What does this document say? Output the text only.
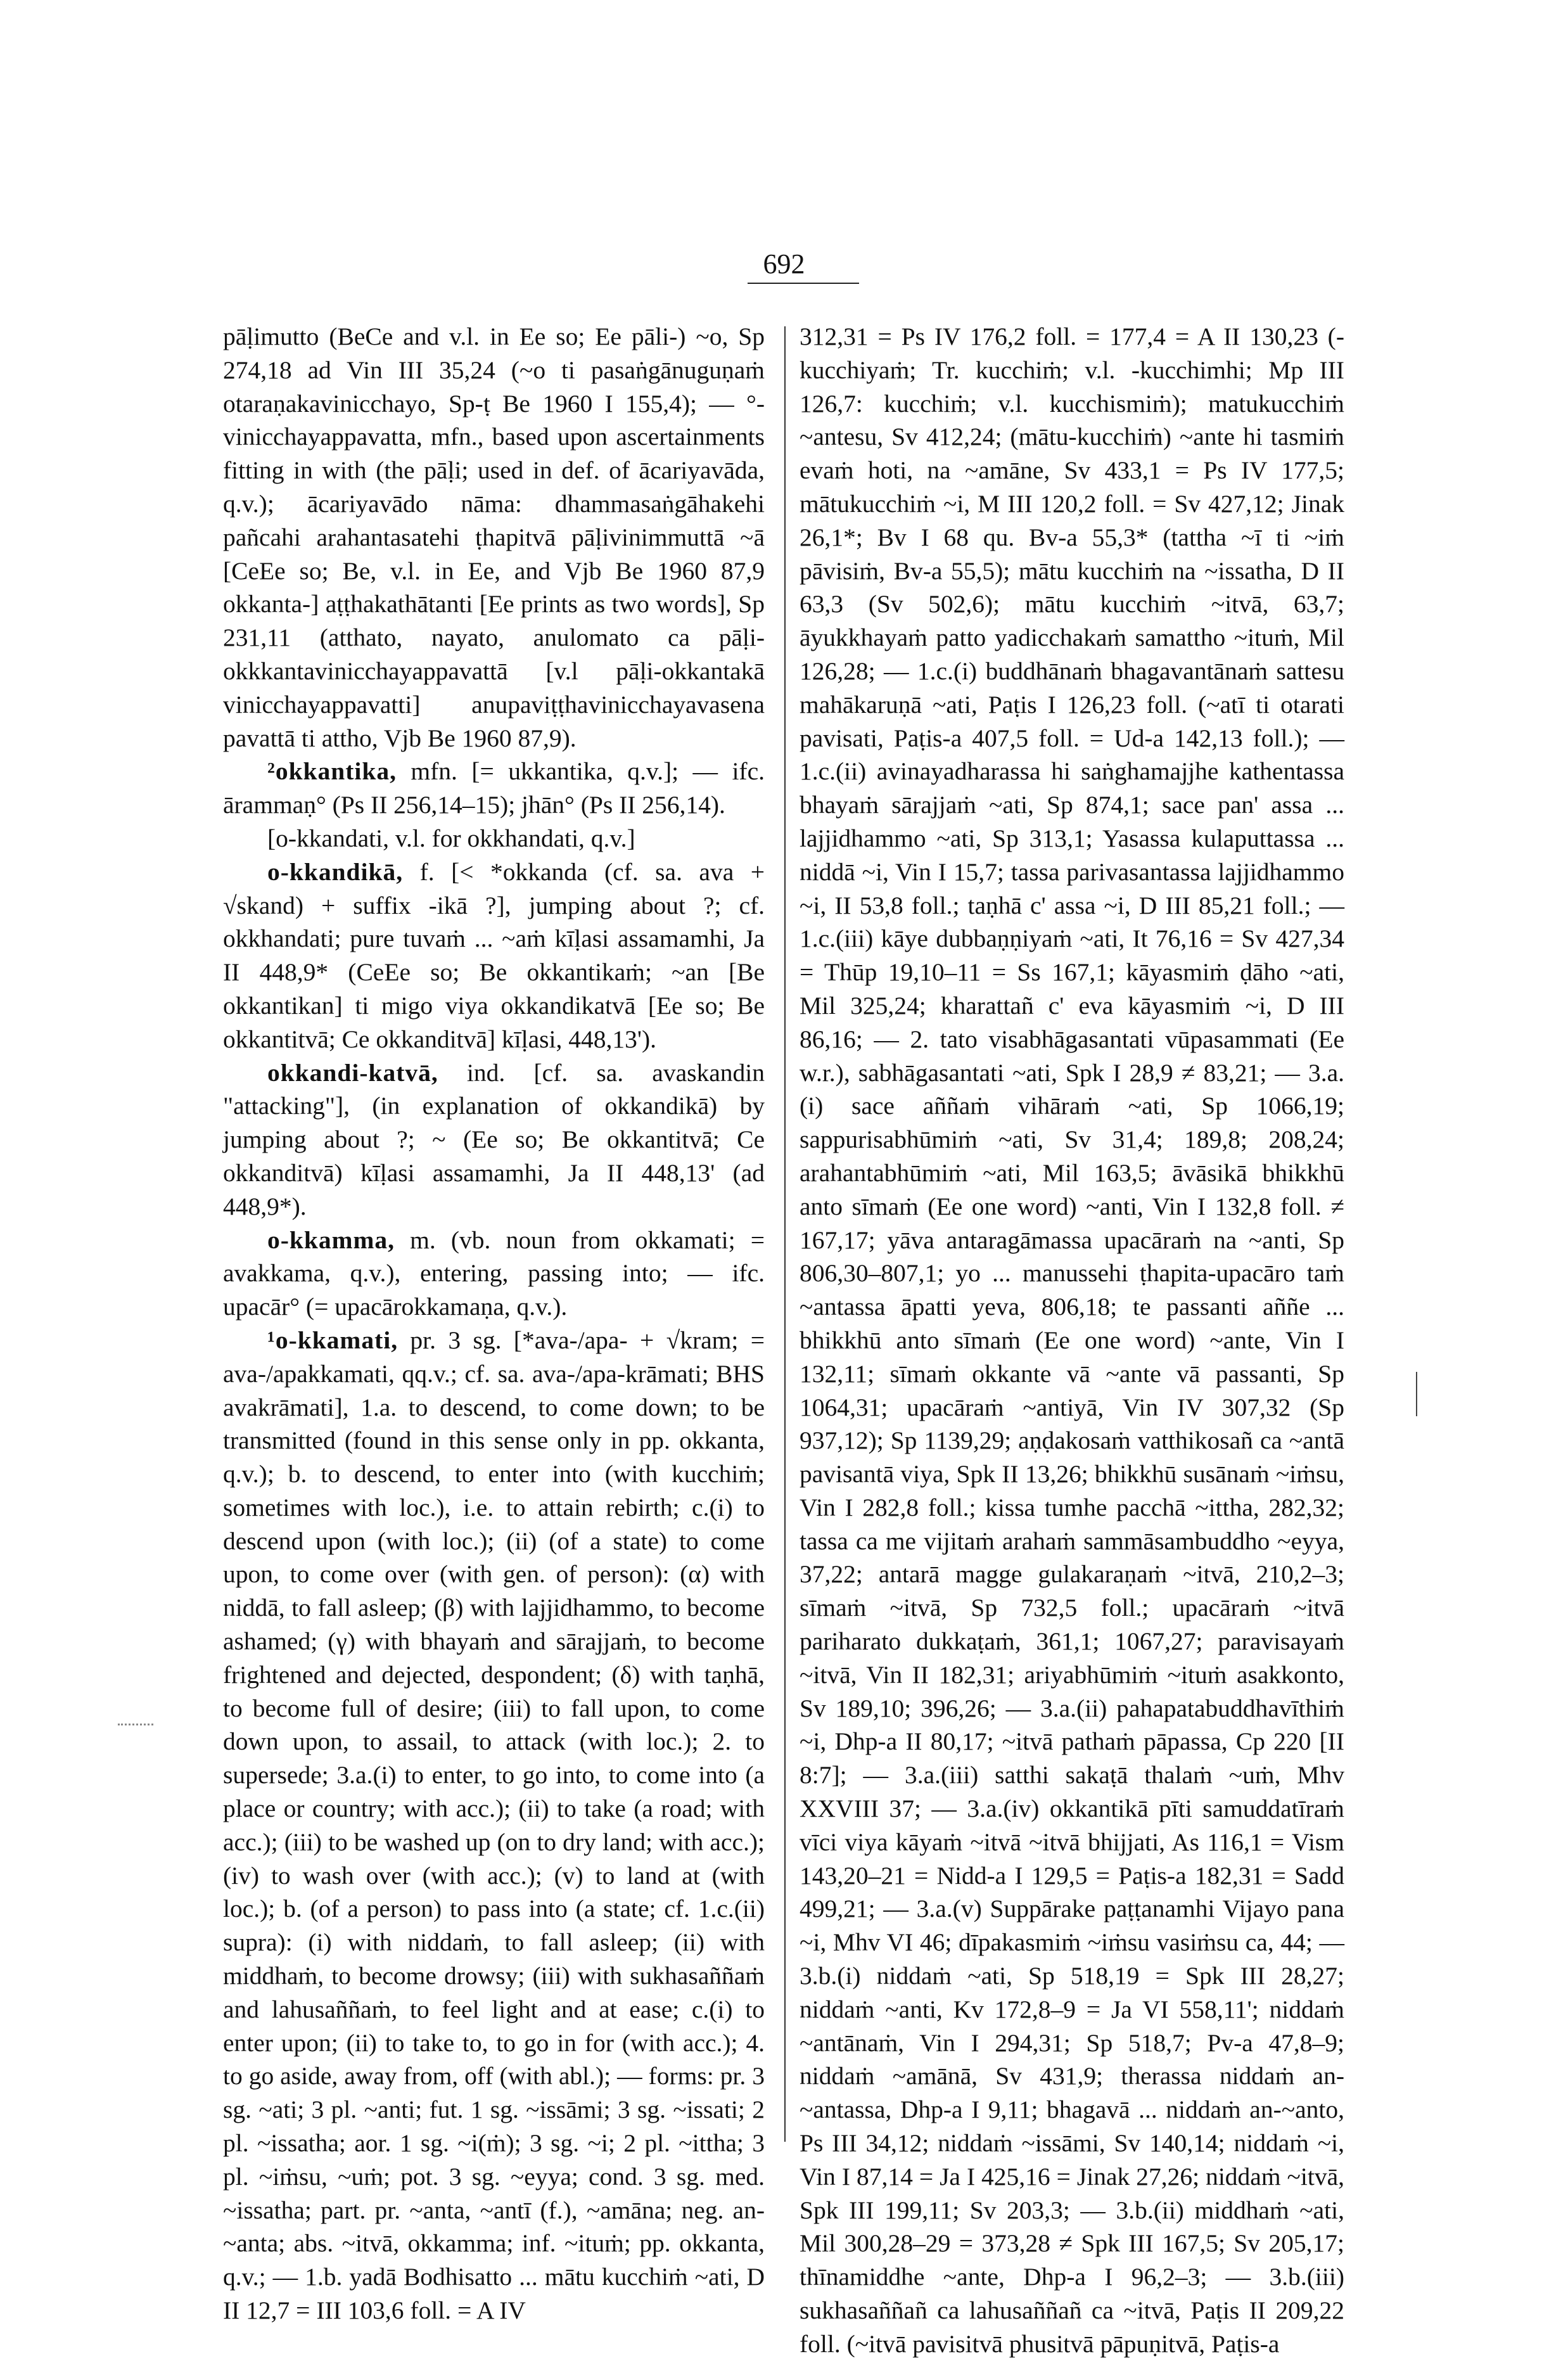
692

pāḷimutto (BeCe and v.l. in Ee so; Ee pāli-) ~o, Sp 274,18 ad Vin III 35,24 (~o ti pasaṅgānuguṇaṁ otaraṇakavinicchayo, Sp-ṭ Be 1960 I 155,4); — °-vinicchayappavatta, mfn., based upon ascertainments fitting in with (the pāḷi; used in def. of ācariyavāda, q.v.); ācariyavādo nāma: dhammasaṅgāhakehi pañcahi arahantasatehi ṭhapitvā pāḷivinimmuttā ~ā [CeEe so; Be, v.l. in Ee, and Vjb Be 1960 87,9 okkanta-] aṭṭhakathātanti [Ee prints as two words], Sp 231,11 (atthato, nayato, anulomato ca pāḷi-okkkantavinicchayappavattā [v.l pāḷi-okkantakā vinicchayappavatti] anupaviṭṭhavinicchayavasena pavattā ti attho, Vjb Be 1960 87,9).

²okkantika, mfn. [= ukkantika, q.v.]; — ifc. ārammaṇ° (Ps II 256,14–15); jhān° (Ps II 256,14).

[o-kkandati, v.l. for okkhandati, q.v.]

o-kkandikā, f. [< *okkanda (cf. sa. ava + √skand) + suffix -ikā ?], jumping about ?; cf. okkhandati; pure tuvaṁ ... ~aṁ kīḷasi assamamhi, Ja II 448,9* (CeEe so; Be okkantikaṁ; ~an [Be okkantikan] ti migo viya okkandikatvā [Ee so; Be okkantitvā; Ce okkanditvā] kīḷasi, 448,13').

okkandi-katvā, ind. [cf. sa. avaskandin "attacking"], (in explanation of okkandikā) by jumping about ?; ~ (Ee so; Be okkantitvā; Ce okkanditvā) kīḷasi assamamhi, Ja II 448,13' (ad 448,9*).

o-kkamma, m. (vb. noun from okkamati; = avakkama, q.v.), entering, passing into; — ifc. upacār° (= upacārokkamaṇa, q.v.).

¹o-kkamati, pr. 3 sg. [*ava-/apa- + √kram; = ava-/apakkamati, qq.v.; cf. sa. ava-/apa-krāmati; BHS avakrāmati], 1.a. to descend, to come down; to be transmitted (found in this sense only in pp. okkanta, q.v.); b. to descend, to enter into (with kucchiṁ; sometimes with loc.), i.e. to attain rebirth; c.(i) to descend upon (with loc.); (ii) (of a state) to come upon, to come over (with gen. of person): (α) with niddā, to fall asleep; (β) with lajjidhammo, to become ashamed; (γ) with bhayaṁ and sārajjaṁ, to become frightened and dejected, despondent; (δ) with taṇhā, to become full of desire; (iii) to fall upon, to come down upon, to assail, to attack (with loc.); 2. to supersede; 3.a.(i) to enter, to go into, to come into (a place or country; with acc.); (ii) to take (a road; with acc.); (iii) to be washed up (on to dry land; with acc.); (iv) to wash over (with acc.); (v) to land at (with loc.); b. (of a person) to pass into (a state; cf. 1.c.(ii) supra): (i) with niddaṁ, to fall asleep; (ii) with middhaṁ, to become drowsy; (iii) with sukhasaññaṁ and lahusaññaṁ, to feel light and at ease; c.(i) to enter upon; (ii) to take to, to go in for (with acc.); 4. to go aside, away from, off (with abl.); — forms: pr. 3 sg. ~ati; 3 pl. ~anti; fut. 1 sg. ~issāmi; 3 sg. ~issati; 2 pl. ~issatha; aor. 1 sg. ~i(ṁ); 3 sg. ~i; 2 pl. ~ittha; 3 pl. ~iṁsu, ~uṁ; pot. 3 sg. ~eyya; cond. 3 sg. med. ~issatha; part. pr. ~anta, ~antī (f.), ~amāna; neg. an-~anta; abs. ~itvā, okkamma; inf. ~ituṁ; pp. okkanta, q.v.; — 1.b. yadā Bodhisatto ... mātu kucchiṁ ~ati, D II 12,7 = III 103,6 foll. = A IV

312,31 = Ps IV 176,2 foll. = 177,4 = A II 130,23 (-kucchiyaṁ; Tr. kucchiṁ; v.l. -kucchimhi; Mp III 126,7: kucchiṁ; v.l. kucchismiṁ); matukucchiṁ ~antesu, Sv 412,24; (mātu-kucchiṁ) ~ante hi tasmiṁ evaṁ hoti, na ~amāne, Sv 433,1 = Ps IV 177,5; mātukucchiṁ ~i, M III 120,2 foll. = Sv 427,12; Jinak 26,1*; Bv I 68 qu. Bv-a 55,3* (tattha ~ī ti ~iṁ pāvisiṁ, Bv-a 55,5); mātu kucchiṁ na ~issatha, D II 63,3 (Sv 502,6); mātu kucchiṁ ~itvā, 63,7; āyukkhayaṁ patto yadicchakaṁ samattho ~ituṁ, Mil 126,28; — 1.c.(i) buddhānaṁ bhagavantānaṁ sattesu mahākaruṇā ~ati, Paṭis I 126,23 foll. (~atī ti otarati pavisati, Paṭis-a 407,5 foll. = Ud-a 142,13 foll.); — 1.c.(ii) avinayadharassa hi saṅghamajjhe kathentassa bhayaṁ sārajjaṁ ~ati, Sp 874,1; sace pan' assa ... lajjidhammo ~ati, Sp 313,1; Yasassa kulaputtassa ... niddā ~i, Vin I 15,7; tassa parivasantassa lajjidhammo ~i, II 53,8 foll.; taṇhā c' assa ~i, D III 85,21 foll.; — 1.c.(iii) kāye dubbaṇṇiyaṁ ~ati, It 76,16 = Sv 427,34 = Thūp 19,10–11 = Ss 167,1; kāyasmiṁ ḍāho ~ati, Mil 325,24; kharattañ c' eva kāyasmiṁ ~i, D III 86,16; — 2. tato visabhāgasantati vūpasammati (Ee w.r.), sabhāgasantati ~ati, Spk I 28,9 ≠ 83,21; — 3.a.(i) sace aññaṁ vihāraṁ ~ati, Sp 1066,19; sappurisabhūmiṁ ~ati, Sv 31,4; 189,8; 208,24; arahantabhūmiṁ ~ati, Mil 163,5; āvāsikā bhikkhū anto sīmaṁ (Ee one word) ~anti, Vin I 132,8 foll. ≠ 167,17; yāva antaragāmassa upacāraṁ na ~anti, Sp 806,30–807,1; yo ... manussehi ṭhapita-upacāro taṁ ~antassa āpatti yeva, 806,18; te passanti aññe ... bhikkhū anto sīmaṁ (Ee one word) ~ante, Vin I 132,11; sīmaṁ okkante vā ~ante vā passanti, Sp 1064,31; upacāraṁ ~antiyā, Vin IV 307,32 (Sp 937,12); Sp 1139,29; aṇḍakosaṁ vatthikosañ ca ~antā pavisantā viya, Spk II 13,26; bhikkhū susānaṁ ~iṁsu, Vin I 282,8 foll.; kissa tumhe pacchā ~ittha, 282,32; tassa ca me vijitaṁ arahaṁ sammāsambuddho ~eyya, 37,22; antarā magge gulakaraṇaṁ ~itvā, 210,2–3; sīmaṁ ~itvā, Sp 732,5 foll.; upacāraṁ ~itvā pariharato dukkaṭaṁ, 361,1; 1067,27; paravisayaṁ ~itvā, Vin II 182,31; ariyabhūmiṁ ~ituṁ asakkonto, Sv 189,10; 396,26; — 3.a.(ii) pahapatabuddhavīthiṁ ~i, Dhp-a II 80,17; ~itvā pathaṁ pāpassa, Cp 220 [II 8:7]; — 3.a.(iii) satthi sakaṭā thalaṁ ~uṁ, Mhv XXVIII 37; — 3.a.(iv) okkantikā pīti samuddatīraṁ vīci viya kāyaṁ ~itvā ~itvā bhijjati, As 116,1 = Vism 143,20–21 = Nidd-a I 129,5 = Paṭis-a 182,31 = Sadd 499,21; — 3.a.(v) Suppārake paṭṭanamhi Vijayo pana ~i, Mhv VI 46; dīpakasmiṁ ~iṁsu vasiṁsu ca, 44; — 3.b.(i) niddaṁ ~ati, Sp 518,19 = Spk III 28,27; niddaṁ ~anti, Kv 172,8–9 = Ja VI 558,11'; niddaṁ ~antānaṁ, Vin I 294,31; Sp 518,7; Pv-a 47,8–9; niddaṁ ~amānā, Sv 431,9; therassa niddaṁ an-~antassa, Dhp-a I 9,11; bhagavā ... niddaṁ an-~anto, Ps III 34,12; niddaṁ ~issāmi, Sv 140,14; niddaṁ ~i, Vin I 87,14 = Ja I 425,16 = Jinak 27,26; niddaṁ ~itvā, Spk III 199,11; Sv 203,3; — 3.b.(ii) middhaṁ ~ati, Mil 300,28–29 = 373,28 ≠ Spk III 167,5; Sv 205,17; thīnamiddhe ~ante, Dhp-a I 96,2–3; — 3.b.(iii) sukhasaññañ ca lahusaññañ ca ~itvā, Paṭis II 209,22 foll. (~itvā pavisitvā phusitvā pāpuṇitvā, Paṭis-a
